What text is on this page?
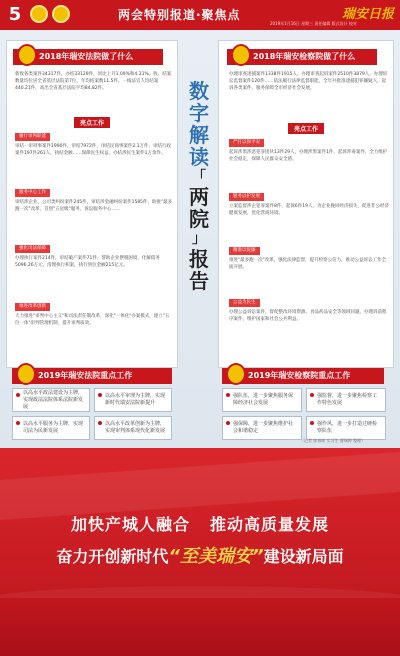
5	两会特别报道·聚焦点	瑞安日报
2019年1月16日 星期三 责任编辑 版式设计 校对
2018年瑞安法院做了什么
新收各类案件34317件，办结33129件，同比上升1.09%和4.21%。收、结案数量均位居全省基层法院第7位，年均结案数11.5件。一线法官人均结案440.21件，高出全省基层法院平均84.82件。
亮点工作
履行审判职能
审结一审刑事案件1990件，审结7972件，审结民商事案件2.1万件，审结行政案件197件261人，执结金额……保障民生权益、办结涉民生案件1万余件。
服务中心工作
审结涉企业、公司类纠纷案件245件，审结涉金融纠纷案件1585件，助推"最多跑一次"改革，首创"五星级"服务，诉讼服务中心……
强化司法保障
办理执行案件214件，审结破产案件71件，帮助企业摆脱困境，化解债务5096.26万元，清理执行积案，执行到位金额215亿元。
推进改革创新
大力推进"审判中心主义"和司法责任制改革，深化"一体化"办案模式，建立"五位一体"审判管理机制，提升审判质效。
数
字
解
读
「
两
院
」
报
告
2018年瑞安检察院做了什么
办理审查逮捕案件1338件1915人，办理审查起诉案件2510件3879人，办理诉讼监督案件120件……依法履行法律监督职能，全年共批准逮捕犯罪嫌疑人，起诉各类案件，服务保障全市经济社会发展。
亮点工作
严打以保平安
起诉涉黑涉恶犯罪团伙13件29人，办理涉黑案件1件，起诉涉毒案件，全力维护社会稳定，保障人民群众安全感。
服务以护发展
立案监督涉企犯罪案件8件，起诉6件19人，为企业挽回经济损失，促进非公经济健康发展，优化营商环境。
精准以促廉
推进"最多跑一次"改革，强化法律监督，提升检察公信力，推动公益诉讼工作全面开展。
公益为民生
办理公益诉讼案件，督促整改环境资源、食品药品安全等领域问题，办理诉前程序案件，维护国家和社会公共利益。
2019年瑞安法院重点工作
以高水平政法建设为主牌，实现政法法院体系法院新发展
以高水平审理为主牌，实现新时代瑞安法院新提升
以高水平服务为主牌，实现司法为民新发展
以高水平改革创新为主牌，实现审判体系现代化新发展
2019年瑞安检察院重点工作
强队伍，进一步聚焦服务保障经济社会发展
强监督，进一步聚焦检察工作特色发展
强保障，进一步聚焦维护社会和谐稳定
强作风，进一步打造过硬检察队伍
（记者 陈春晖 实习生 曹瑞婷 整理）
加快产城人融合 推动高质量发展
奋力开创新时代“至美瑞安”建设新局面
